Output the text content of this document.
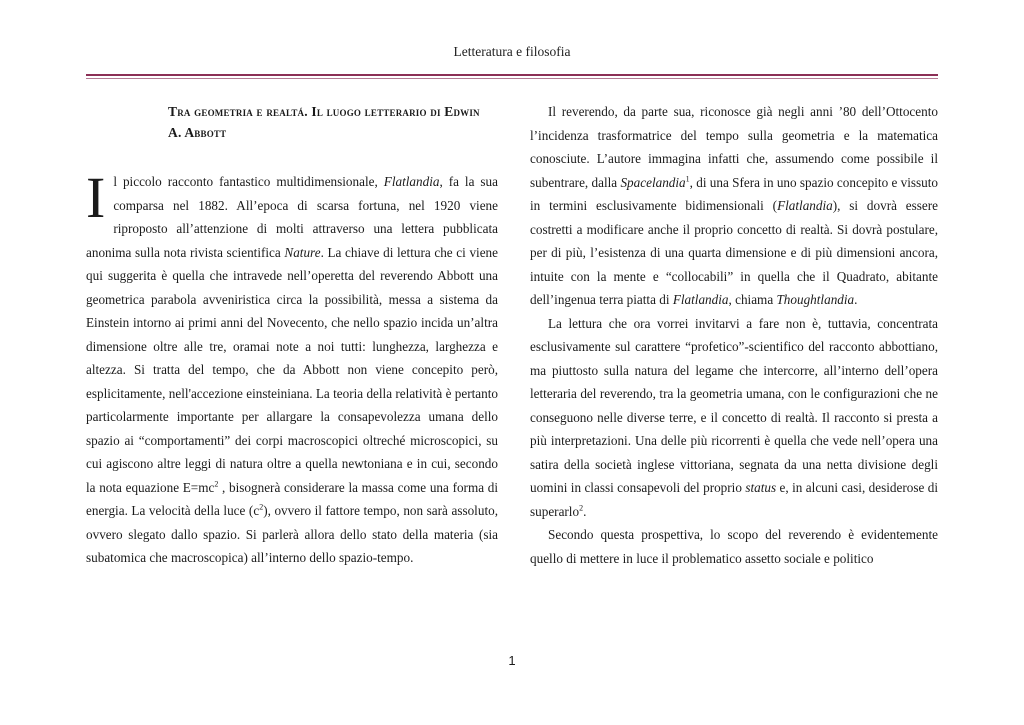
Letteratura e filosofia
Tra geometria e realtá. Il luogo letterario di Edwin A. Abbott

Il piccolo racconto fantastico multidimensionale, Flatlandia, fa la sua comparsa nel 1882. All’epoca di scarsa fortuna, nel 1920 viene riproposto all’attenzione di molti attraverso una lettera pubblicata anonima sulla nota rivista scientifica Nature. La chiave di lettura che ci viene qui suggerita è quella che intravede nell’operetta del reverendo Abbott una geometrica parabola avveniristica circa la possibilità, messa a sistema da Einstein intorno ai primi anni del Novecento, che nello spazio incida un’altra dimensione oltre alle tre, oramai note a noi tutti: lunghezza, larghezza e altezza. Si tratta del tempo, che da Abbott non viene concepito però, esplicitamente, nell'accezione einsteiniana. La teoria della relatività è pertanto particolarmente importante per allargare la consapevolezza umana dello spazio ai “comportamenti” dei corpi macroscopici oltreché microscopici, su cui agiscono altre leggi di natura oltre a quella newtoniana e in cui, secondo la nota equazione $E=mc^2$ , bisognerà considerare la massa come una forma di energia. La velocità della luce $(c^2)$, ovvero il fattore tempo, non sarà assoluto, ovvero slegato dallo spazio. Si parlerà allora dello stato della materia (sia subatomica che macroscopica) all’interno dello spazio-tempo.

Il reverendo, da parte sua, riconosce già negli anni ’80 dell’Ottocento l’incidenza trasformatrice del tempo sulla geometria e la matematica conosciute. L’autore immagina infatti che, assumendo come possibile il subentrare, dalla Spacelandia$^1$, di una Sfera in uno spazio concepito e vissuto in termini esclusivamente bidimensionali (Flatlandia), si dovrà essere costretti a modificare anche il proprio concetto di realtà. Si dovrà postulare, per di più, l’esistenza di una quarta dimensione e di più dimensioni ancora, intuite con la mente e “collocabili” in quella che il Quadrato, abitante dell’ingenua terra piatta di Flatlandia, chiama Thoughtlandia.

La lettura che ora vorrei invitarvi a fare non è, tuttavia, concentrata esclusivamente sul carattere “profetico”-scientifico del racconto abbottiano, ma piuttosto sulla natura del legame che intercorre, all’interno dell’opera letteraria del reverendo, tra la geometria umana, con le configurazioni che ne conseguono nelle diverse terre, e il concetto di realtà. Il racconto si presta a più interpretazioni. Una delle più ricorrenti è quella che vede nell’opera una satira della società inglese vittoriana, segnata da una netta divisione degli uomini in classi consapevoli del proprio status e, in alcuni casi, desiderose di superarlo$^2$.

Secondo questa prospettiva, lo scopo del reverendo è evidentemente quello di mettere in luce il problematico assetto sociale e politico

1
